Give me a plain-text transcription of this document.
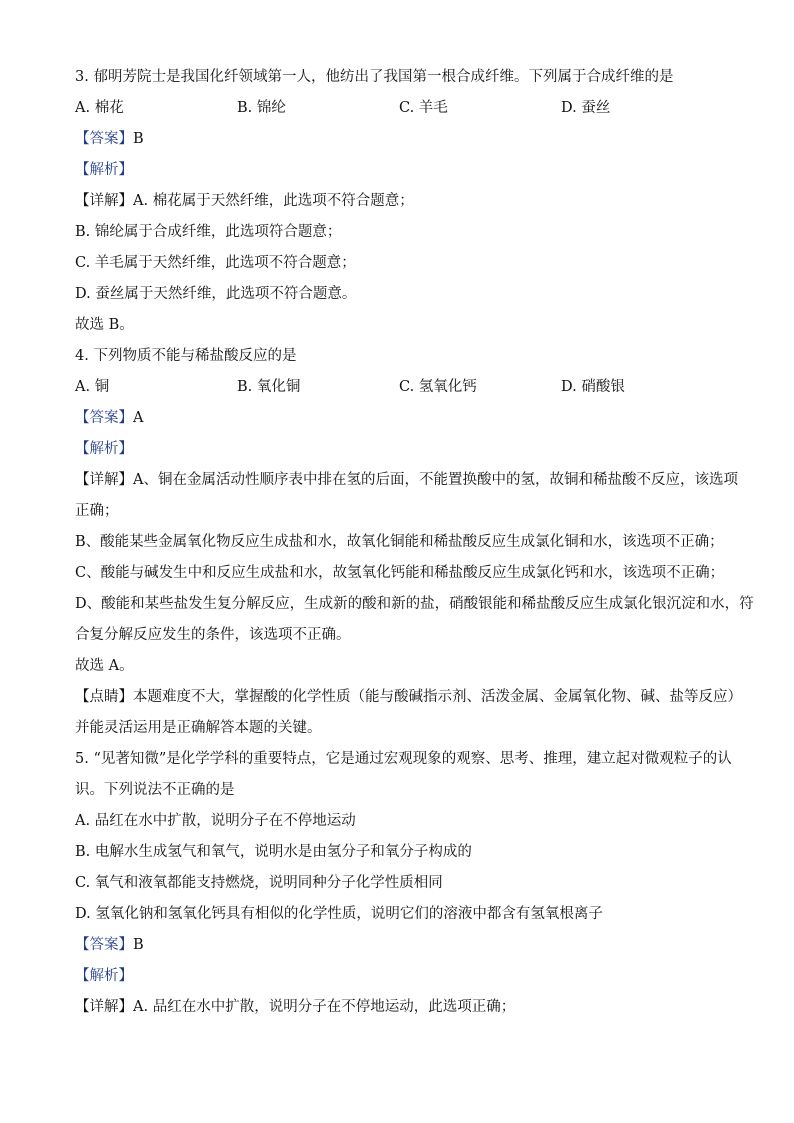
3. 郁明芳院士是我国化纤领域第一人，他纺出了我国第一根合成纤维。下列属于合成纤维的是
A. 棉花	B. 锦纶	C. 羊毛	D. 蚕丝
【答案】B
【解析】
【详解】A. 棉花属于天然纤维，此选项不符合题意；
B. 锦纶属于合成纤维，此选项符合题意；
C. 羊毛属于天然纤维，此选项不符合题意；
D. 蚕丝属于天然纤维，此选项不符合题意。
故选 B。
4. 下列物质不能与稀盐酸反应的是
A. 铜	B. 氧化铜	C. 氢氧化钙	D. 硝酸银
【答案】A
【解析】
【详解】A、铜在金属活动性顺序表中排在氢的后面，不能置换酸中的氢，故铜和稀盐酸不反应，该选项
正确；
B、酸能某些金属氧化物反应生成盐和水，故氧化铜能和稀盐酸反应生成氯化铜和水，该选项不正确；
C、酸能与碱发生中和反应生成盐和水，故氢氧化钙能和稀盐酸反应生成氯化钙和水，该选项不正确；
D、酸能和某些盐发生复分解反应，生成新的酸和新的盐，硝酸银能和稀盐酸反应生成氯化银沉淀和水，符
合复分解反应发生的条件，该选项不正确。
故选 A。
【点睛】本题难度不大，掌握酸的化学性质（能与酸碱指示剂、活泼金属、金属氧化物、碱、盐等反应）
并能灵活运用是正确解答本题的关键。
5. “见著知微”是化学学科的重要特点，它是通过宏观现象的观察、思考、推理，建立起对微观粒子的认
识。下列说法不正确的是
A. 品红在水中扩散，说明分子在不停地运动
B. 电解水生成氢气和氧气，说明水是由氢分子和氧分子构成的
C. 氧气和液氧都能支持燃烧，说明同种分子化学性质相同
D. 氢氧化钠和氢氧化钙具有相似的化学性质，说明它们的溶液中都含有氢氧根离子
【答案】B
【解析】
【详解】A. 品红在水中扩散，说明分子在不停地运动，此选项正确；
